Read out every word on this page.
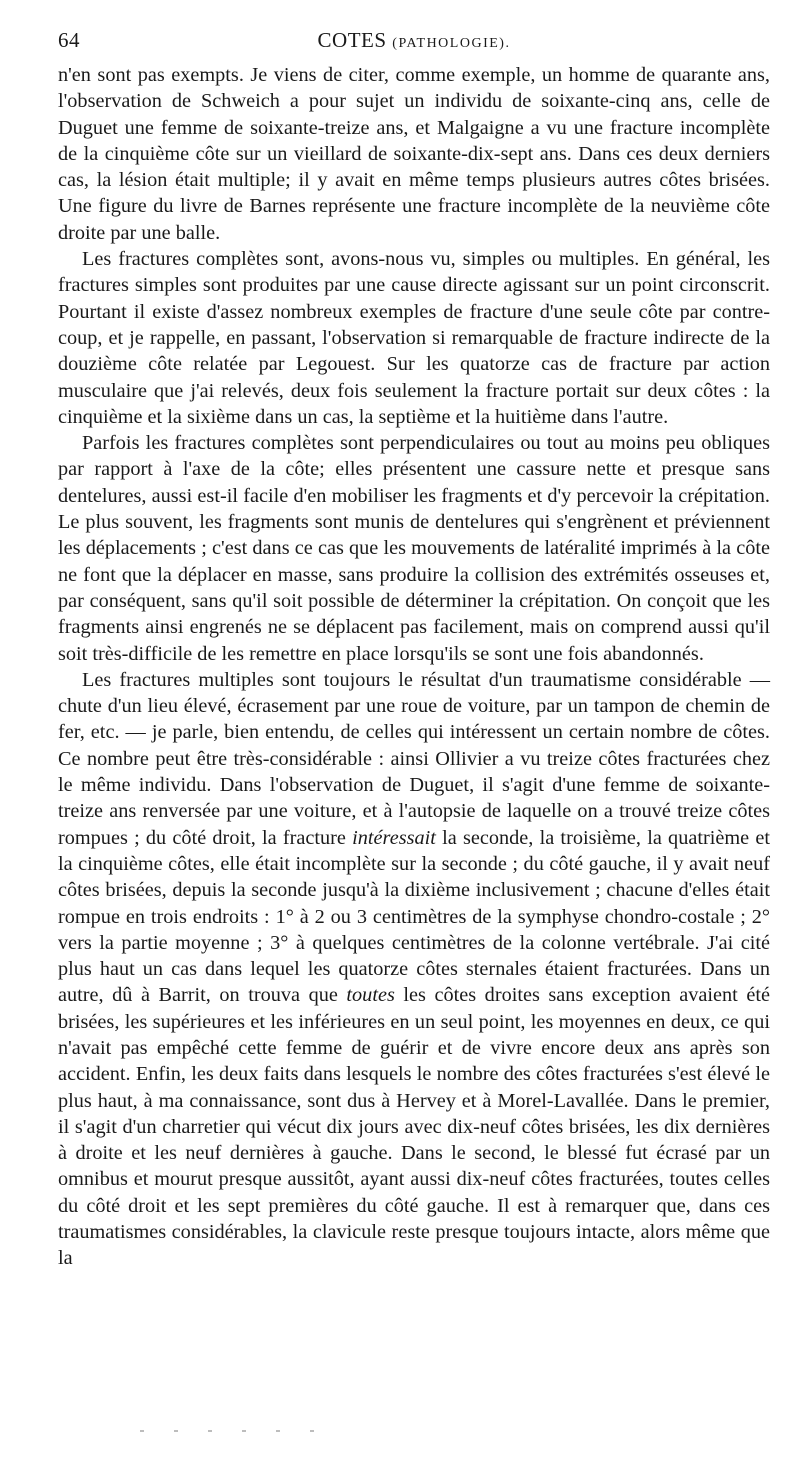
64	COTES (PATHOLOGIE).

n'en sont pas exempts. Je viens de citer, comme exemple, un homme de quarante ans, l'observation de Schweich a pour sujet un individu de soixante-cinq ans, celle de Duguet une femme de soixante-treize ans, et Malgaigne a vu une fracture incomplète de la cinquième côte sur un vieillard de soixante-dix-sept ans. Dans ces deux derniers cas, la lésion était multiple; il y avait en même temps plusieurs autres côtes brisées. Une figure du livre de Barnes représente une fracture incomplète de la neuvième côte droite par une balle.

Les fractures complètes sont, avons-nous vu, simples ou multiples. En général, les fractures simples sont produites par une cause directe agissant sur un point circonscrit. Pourtant il existe d'assez nombreux exemples de fracture d'une seule côte par contre-coup, et je rappelle, en passant, l'observation si remarquable de fracture indirecte de la douzième côte relatée par Legouest. Sur les quatorze cas de fracture par action musculaire que j'ai relevés, deux fois seulement la fracture portait sur deux côtes : la cinquième et la sixième dans un cas, la septième et la huitième dans l'autre.

Parfois les fractures complètes sont perpendiculaires ou tout au moins peu obliques par rapport à l'axe de la côte; elles présentent une cassure nette et presque sans dentelures, aussi est-il facile d'en mobiliser les fragments et d'y percevoir la crépitation. Le plus souvent, les fragments sont munis de dentelures qui s'engrènent et préviennent les déplacements ; c'est dans ce cas que les mouvements de latéralité imprimés à la côte ne font que la déplacer en masse, sans produire la collision des extrémités osseuses et, par conséquent, sans qu'il soit possible de déterminer la crépitation. On conçoit que les fragments ainsi engrenés ne se déplacent pas facilement, mais on comprend aussi qu'il soit très-difficile de les remettre en place lorsqu'ils se sont une fois abandonnés.

Les fractures multiples sont toujours le résultat d'un traumatisme considérable — chute d'un lieu élevé, écrasement par une roue de voiture, par un tampon de chemin de fer, etc. — je parle, bien entendu, de celles qui intéressent un certain nombre de côtes. Ce nombre peut être très-considérable : ainsi Ollivier a vu treize côtes fracturées chez le même individu. Dans l'observation de Duguet, il s'agit d'une femme de soixante-treize ans renversée par une voiture, et à l'autopsie de laquelle on a trouvé treize côtes rompues ; du côté droit, la fracture intéressait la seconde, la troisième, la quatrième et la cinquième côtes, elle était incomplète sur la seconde ; du côté gauche, il y avait neuf côtes brisées, depuis la seconde jusqu'à la dixième inclusivement ; chacune d'elles était rompue en trois endroits : 1° à 2 ou 3 centimètres de la symphyse chondro-costale ; 2° vers la partie moyenne ; 3° à quelques centimètres de la colonne vertébrale. J'ai cité plus haut un cas dans lequel les quatorze côtes sternales étaient fracturées. Dans un autre, dû à Barrit, on trouva que toutes les côtes droites sans exception avaient été brisées, les supérieures et les inférieures en un seul point, les moyennes en deux, ce qui n'avait pas empêché cette femme de guérir et de vivre encore deux ans après son accident. Enfin, les deux faits dans lesquels le nombre des côtes fracturées s'est élevé le plus haut, à ma connaissance, sont dus à Hervey et à Morel-Lavallée. Dans le premier, il s'agit d'un charretier qui vécut dix jours avec dix-neuf côtes brisées, les dix dernières à droite et les neuf dernières à gauche. Dans le second, le blessé fut écrasé par un omnibus et mourut presque aussitôt, ayant aussi dix-neuf côtes fracturées, toutes celles du côté droit et les sept premières du côté gauche. Il est à remarquer que, dans ces traumatismes considérables, la clavicule reste presque toujours intacte, alors même que la
